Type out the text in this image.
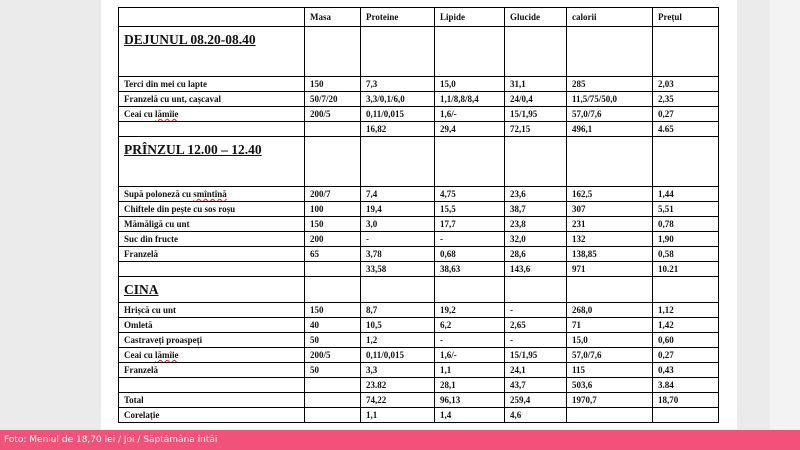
	Masa	Proteine	Lipide	Glucide	calorii	Prețul
DEJUNUL 08.20-08.40						
Terci din mei cu lapte	150	7,3	15,0	31,1	285	2,03
Franzelă cu unt, cașcaval	50/7/20	3,3/0,1/6,0	1,1/8,8/8,4	24/0,4	11,5/75/50,0	2,35
Ceai cu lămîie	200/5	0,11/0,015	1,6/-	15/1,95	57,0/7,6	0,27
		16,82	29,4	72,15	496,1	4.65
PRÎNZUL 12.00 – 12.40						
Supă poloneză cu smîntînă	200/7	7,4	4,75	23,6	162,5	1,44
Chiftele din pește cu sos roșu	100	19,4	15,5	38,7	307	5,51
Mămăligă cu unt	150	3,0	17,7	23,8	231	0,78
Suc din fructe	200	-	-	32,0	132	1,90
Franzelă	65	3,78	0,68	28,6	138,85	0,58
		33,58	38,63	143,6	971	10.21
CINA						
Hrișcă cu unt	150	8,7	19,2	-	268,0	1,12
Omletă	40	10,5	6,2	2,65	71	1,42
Castraveți proaspeți	50	1,2	-	-	15,0	0,60
Ceai cu lămîie	200/5	0,11/0,015	1,6/-	15/1,95	57,0/7,6	0,27
Franzelă	50	3,3	1,1	24,1	115	0,43
		23.82	28,1	43,7	503,6	3.84
Total		74,22	96,13	259,4	1970,7	18,70
Corelație		1,1	1,4	4,6		
Foto: Meniul de 18,70 lei / Joi / Săptămâna întâi
